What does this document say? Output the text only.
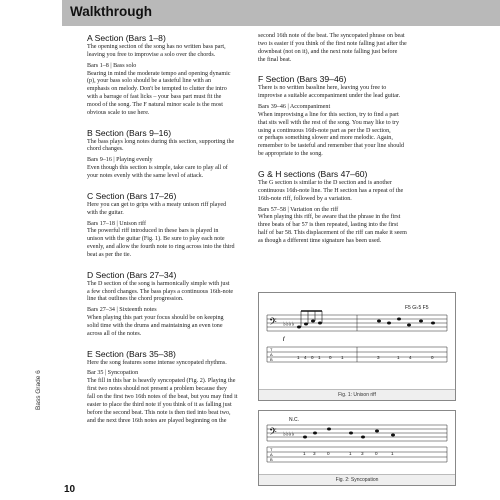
Walkthrough
Bass Grade 6
10
A Section (Bars 1–8)

The opening section of the song has no written bass part,

leaving you free to improvise a solo over the chords.

Bars 1–8 | Bass solo

Bearing in mind the moderate tempo and opening dynamic

(p), your bass solo should be a tasteful line with an

emphasis on melody. Don't be tempted to clutter the intro

with a barrage of fast licks – your bass part must fit the

mood of the song. The F natural minor scale is the most

obvious scale to use here.

B Section (Bars 9–16)

The bass plays long notes during this section, supporting the

chord changes.

Bars 9–16 | Playing evenly

Even though this section is simple, take care to play all of

your notes evenly with the same level of attack.

C Section (Bars 17–26)

Here you can get to grips with a meaty unison riff played

with the guitar.

Bars 17–18 | Unison riff

The powerful riff introduced in these bars is played in

unison with the guitar (Fig. 1). Be sure to play each note

evenly, and allow the fourth note to ring across into the third

beat as per the tie.

D Section (Bars 27–34)

The D section of the song is harmonically simple with just

a few chord changes. The bass plays a continuous 16th-note

line that outlines the chord progression.

Bars 27–34 | Sixteenth notes

When playing this part your focus should be on keeping

solid time with the drums and maintaining an even tone

across all of the notes.

E Section (Bars 35–38)

Here the song features some intense syncopated rhythms.

Bar 35 | Syncopation

The fill in this bar is heavily syncopated (Fig. 2). Playing the

first two notes should not present a problem because they

fall on the first two 16th notes of the beat, but you may find it

easier to place the third note if you think of it as falling just

before the second beat. This note is then tied into beat two,

and the next three 16th notes are played beginning on the

second 16th note of the beat. The syncopated phrase on beat

two is easier if you think of the first note falling just after the

downbeat (not on it), and the next note falling just before

the final beat.

F Section (Bars 39–46)

There is no written bassline here, leaving you free to

improvise a suitable accompaniment under the lead guitar.

Bars 39–46 | Accompaniment

When improvising a line for this section, try to find a part

that sits well with the rest of the song. You may like to try

using a continuous 16th-note part as per the D section,

or perhaps something slower and more melodic. Again,

remember to be tasteful and remember that your line should

be appropriate to the song.

G & H sections (Bars 47–60)

The G section is similar to the D section and is another

continuous 16th-note line. The H section has a repeat of the

16th-note riff, followed by a variation.

Bars 57–58 | Variation on the riff

When playing this riff, be aware that the phrase in the first

three beats of bar 57 is then repeated, lasting into the first

half of bar 58. This displacement of the riff can make it seem

as though a different time signature has been used.

F5 G♭5 F5
𝄢 ♭♭♭♭
f
T
A
B	1 4 0 1 0 1	3	1 4	0
Fig. 1: Unison riff
N.C.
𝄢 ♭♭♭♭
T
A
B
1 3 0	1 3 0	1
Fig. 2: Syncopation
